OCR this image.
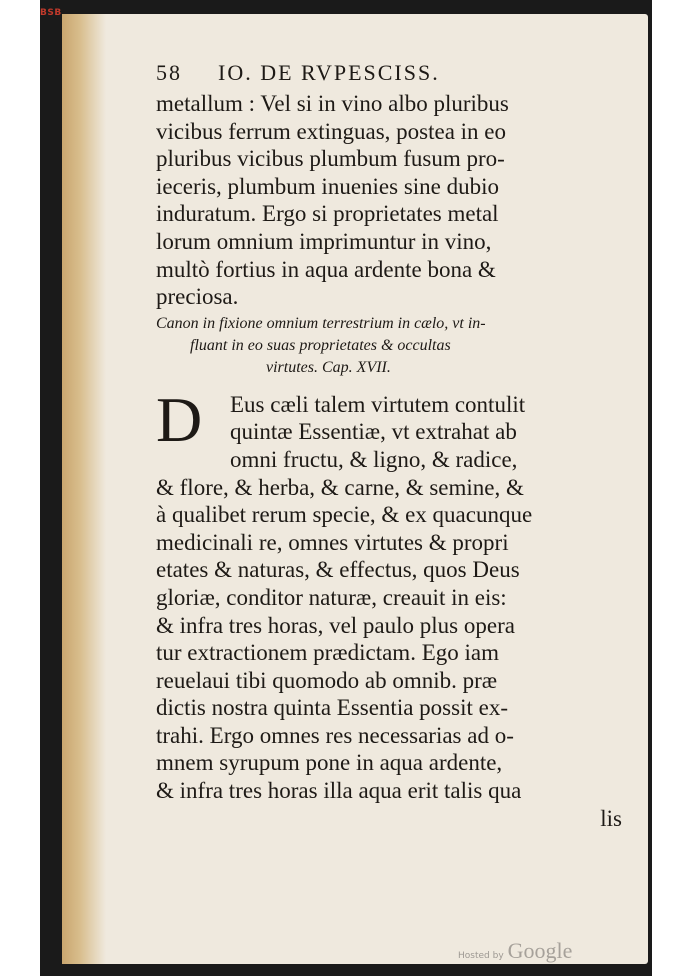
BSB
58 IO. DE RVPESCISS.
metallum : Vel si in vino albo pluribus
vicibus ferrum extinguas, postea in eo
pluribus vicibus plumbum fusum pro-
ieceris, plumbum inuenies sine dubio
induratum. Ergo si proprietates metal
lorum omnium imprimuntur in vino,
multò fortius in aqua ardente bona &
preciosa.
Canon in fixione omnium terrestrium in cælo, vt in-
fluant in eo suas proprietates & occultas
virtutes. Cap. XVII.
D	Eus cæli talem virtutem contulit
quintæ Essentiæ, vt extrahat ab
omni fructu, & ligno, & radice,
& flore, & herba, & carne, & semine, &
à qualibet rerum specie, & ex quacunque
medicinali re, omnes virtutes & propri
etates & naturas, & effectus, quos Deus
gloriæ, conditor naturæ, creauit in eis:
& infra tres horas, vel paulo plus opera
tur extractionem prædictam. Ego iam
reuelaui tibi quomodo ab omnib. præ
dictis nostra quinta Essentia possit ex-
trahi. Ergo omnes res necessarias ad o-
mnem syrupum pone in aqua ardente,
& infra tres horas illa aqua erit talis qua
lis
Hosted by Google
